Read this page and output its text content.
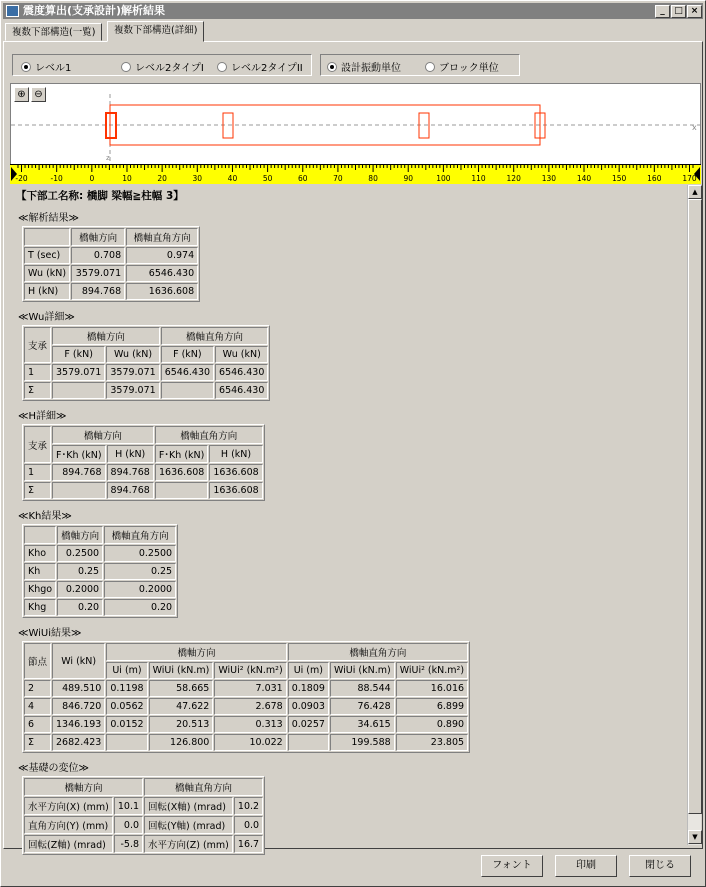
震度算出(支承設計)解析結果	_	□ ×
複数下部構造(一覧)	複数下部構造(詳細)
レベル1	レベル2タイプI	レベル2タイプII	設計振動単位	ブロック単位
⊕ ⊖
z
x
-20	-10	0	10	20	30	40	50	60	70	80	90	100	110	120	130	140	150	160	170
【下部工名称: 橋脚 梁幅≧柱幅 3】
≪解析結果≫
	橋軸方向	橋軸直角方向
T (sec)	0.708	0.974
Wu (kN)	3579.071	6546.430
H (kN)	894.768	1636.608
≪Wu詳細≫
支承	橋軸方向		橋軸直角方向	
	F (kN)	Wu (kN)	F (kN)	Wu (kN)
1	3579.071	3579.071	6546.430	6546.430
Σ		3579.071		6546.430
≪H詳細≫
支承	橋軸方向		橋軸直角方向	
	F･Kh (kN)	H (kN)	F･Kh (kN)	H (kN)
1	894.768	894.768	1636.608	1636.608
Σ		894.768		1636.608
≪Kh結果≫
	橋軸方向	橋軸直角方向
Kho	0.2500	0.2500
Kh	0.25	0.25
Khgo	0.2000	0.2000
Khg	0.20	0.20
≪WiUi結果≫
節点	Wi (kN)	橋軸方向			橋軸直角方向		
		Ui (m)	WiUi (kN.m)	WiUi² (kN.m²)	Ui (m)	WiUi (kN.m)	WiUi² (kN.m²)
2	489.510	0.1198	58.665	7.031	0.1809	88.544	16.016
4	846.720	0.0562	47.622	2.678	0.0903	76.428	6.899
6	1346.193	0.0152	20.513	0.313	0.0257	34.615	0.890
Σ	2682.423		126.800	10.022		199.588	23.805
≪基礎の変位≫
橋軸方向		橋軸直角方向	
水平方向(X) (mm)	10.1	回転(X軸) (mrad)	10.2
直角方向(Y) (mm)	0.0	回転(Y軸) (mrad)	0.0
回転(Z軸) (mrad)	-5.8	水平方向(Z) (mm)	16.7
▲
▼
フォント	印刷	閉じる
